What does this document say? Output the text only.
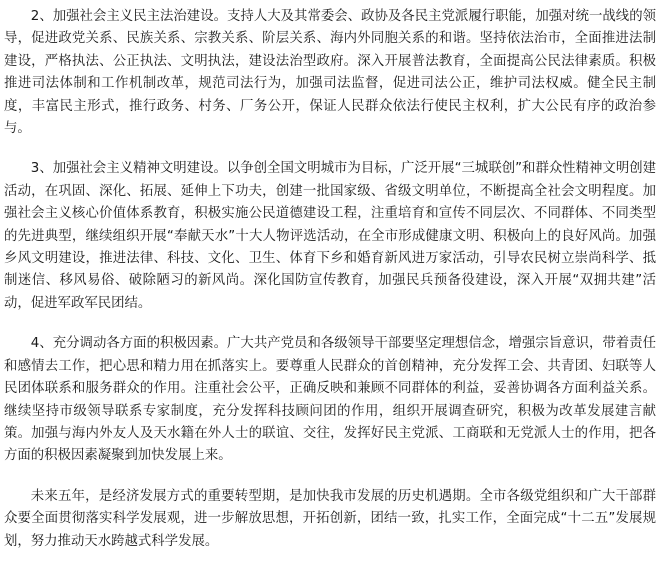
2、加强社会主义民主法治建设。支持人大及其常委会、政协及各民主党派履行职能，加强对统一战线的领导，促进政党关系、民族关系、宗教关系、阶层关系、海内外同胞关系的和谐。坚持依法治市，全面推进法制建设，严格执法、公正执法、文明执法，建设法治型政府。深入开展普法教育，全面提高公民法律素质。积极推进司法体制和工作机制改革，规范司法行为，加强司法监督，促进司法公正，维护司法权威。健全民主制度，丰富民主形式，推行政务、村务、厂务公开，保证人民群众依法行使民主权利，扩大公民有序的政治参与。

3、加强社会主义精神文明建设。以争创全国文明城市为目标，广泛开展“三城联创”和群众性精神文明创建活动，在巩固、深化、拓展、延伸上下功夫，创建一批国家级、省级文明单位，不断提高全社会文明程度。加强社会主义核心价值体系教育，积极实施公民道德建设工程，注重培育和宣传不同层次、不同群体、不同类型的先进典型，继续组织开展“奉献天水”十大人物评选活动，在全市形成健康文明、积极向上的良好风尚。加强乡风文明建设，推进法律、科技、文化、卫生、体育下乡和婚育新风进万家活动，引导农民树立崇尚科学、抵制迷信、移风易俗、破除陋习的新风尚。深化国防宣传教育，加强民兵预备役建设，深入开展“双拥共建”活动，促进军政军民团结。

4、充分调动各方面的积极因素。广大共产党员和各级领导干部要坚定理想信念，增强宗旨意识，带着责任和感情去工作，把心思和精力用在抓落实上。要尊重人民群众的首创精神，充分发挥工会、共青团、妇联等人民团体联系和服务群众的作用。注重社会公平，正确反映和兼顾不同群体的利益，妥善协调各方面利益关系。继续坚持市级领导联系专家制度，充分发挥科技顾问团的作用，组织开展调查研究，积极为改革发展建言献策。加强与海内外友人及天水籍在外人士的联谊、交往，发挥好民主党派、工商联和无党派人士的作用，把各方面的积极因素凝聚到加快发展上来。

未来五年，是经济发展方式的重要转型期，是加快我市发展的历史机遇期。全市各级党组织和广大干部群众要全面贯彻落实科学发展观，进一步解放思想，开拓创新，团结一致，扎实工作，全面完成“十二五”发展规划，努力推动天水跨越式科学发展。
